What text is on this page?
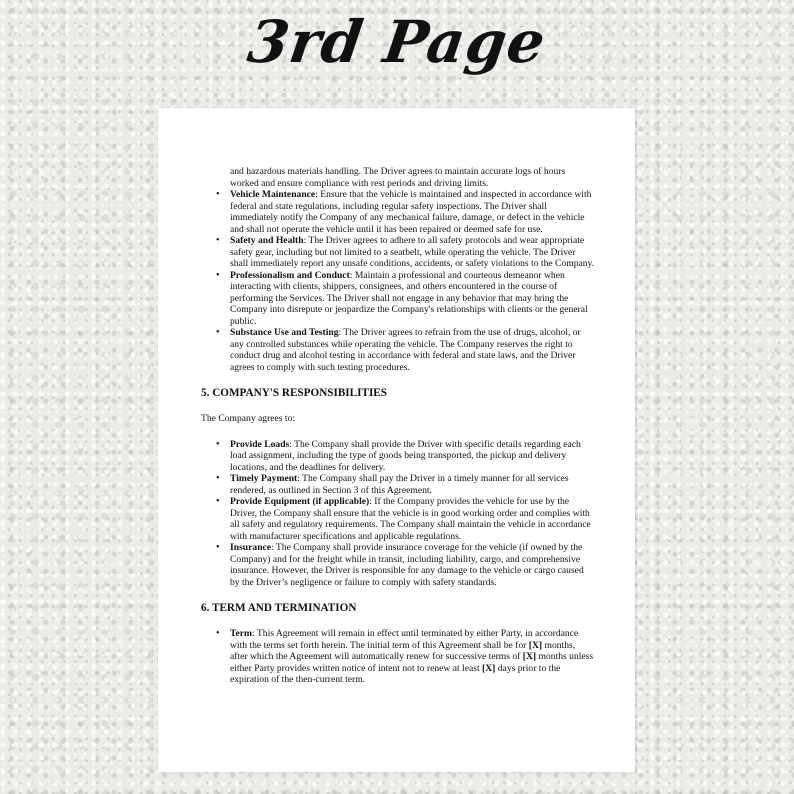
3rd Page
and hazardous materials handling. The Driver agrees to maintain accurate logs of hours worked and ensure compliance with rest periods and driving limits.
• Vehicle Maintenance: Ensure that the vehicle is maintained and inspected in accordance with federal and state regulations, including regular safety inspections. The Driver shall immediately notify the Company of any mechanical failure, damage, or defect in the vehicle and shall not operate the vehicle until it has been repaired or deemed safe for use.
• Safety and Health: The Driver agrees to adhere to all safety protocols and wear appropriate safety gear, including but not limited to a seatbelt, while operating the vehicle. The Driver shall immediately report any unsafe conditions, accidents, or safety violations to the Company.
• Professionalism and Conduct: Maintain a professional and courteous demeanor when interacting with clients, shippers, consignees, and others encountered in the course of performing the Services. The Driver shall not engage in any behavior that may bring the Company into disrepute or jeopardize the Company's relationships with clients or the general public.
• Substance Use and Testing: The Driver agrees to refrain from the use of drugs, alcohol, or any controlled substances while operating the vehicle. The Company reserves the right to conduct drug and alcohol testing in accordance with federal and state laws, and the Driver agrees to comply with such testing procedures.
5. COMPANY'S RESPONSIBILITIES

The Company agrees to:

• Provide Loads: The Company shall provide the Driver with specific details regarding each load assignment, including the type of goods being transported, the pickup and delivery locations, and the deadlines for delivery.
• Timely Payment: The Company shall pay the Driver in a timely manner for all services rendered, as outlined in Section 3 of this Agreement.
• Provide Equipment (if applicable): If the Company provides the vehicle for use by the Driver, the Company shall ensure that the vehicle is in good working order and complies with all safety and regulatory requirements. The Company shall maintain the vehicle in accordance with manufacturer specifications and applicable regulations.
• Insurance: The Company shall provide insurance coverage for the vehicle (if owned by the Company) and for the freight while in transit, including liability, cargo, and comprehensive insurance. However, the Driver is responsible for any damage to the vehicle or cargo caused by the Driver’s negligence or failure to comply with safety standards.
6. TERM AND TERMINATION
• Term: This Agreement will remain in effect until terminated by either Party, in accordance with the terms set forth herein. The initial term of this Agreement shall be for [X] months, after which the Agreement will automatically renew for successive terms of [X] months unless either Party provides written notice of intent not to renew at least [X] days prior to the expiration of the then-current term.
